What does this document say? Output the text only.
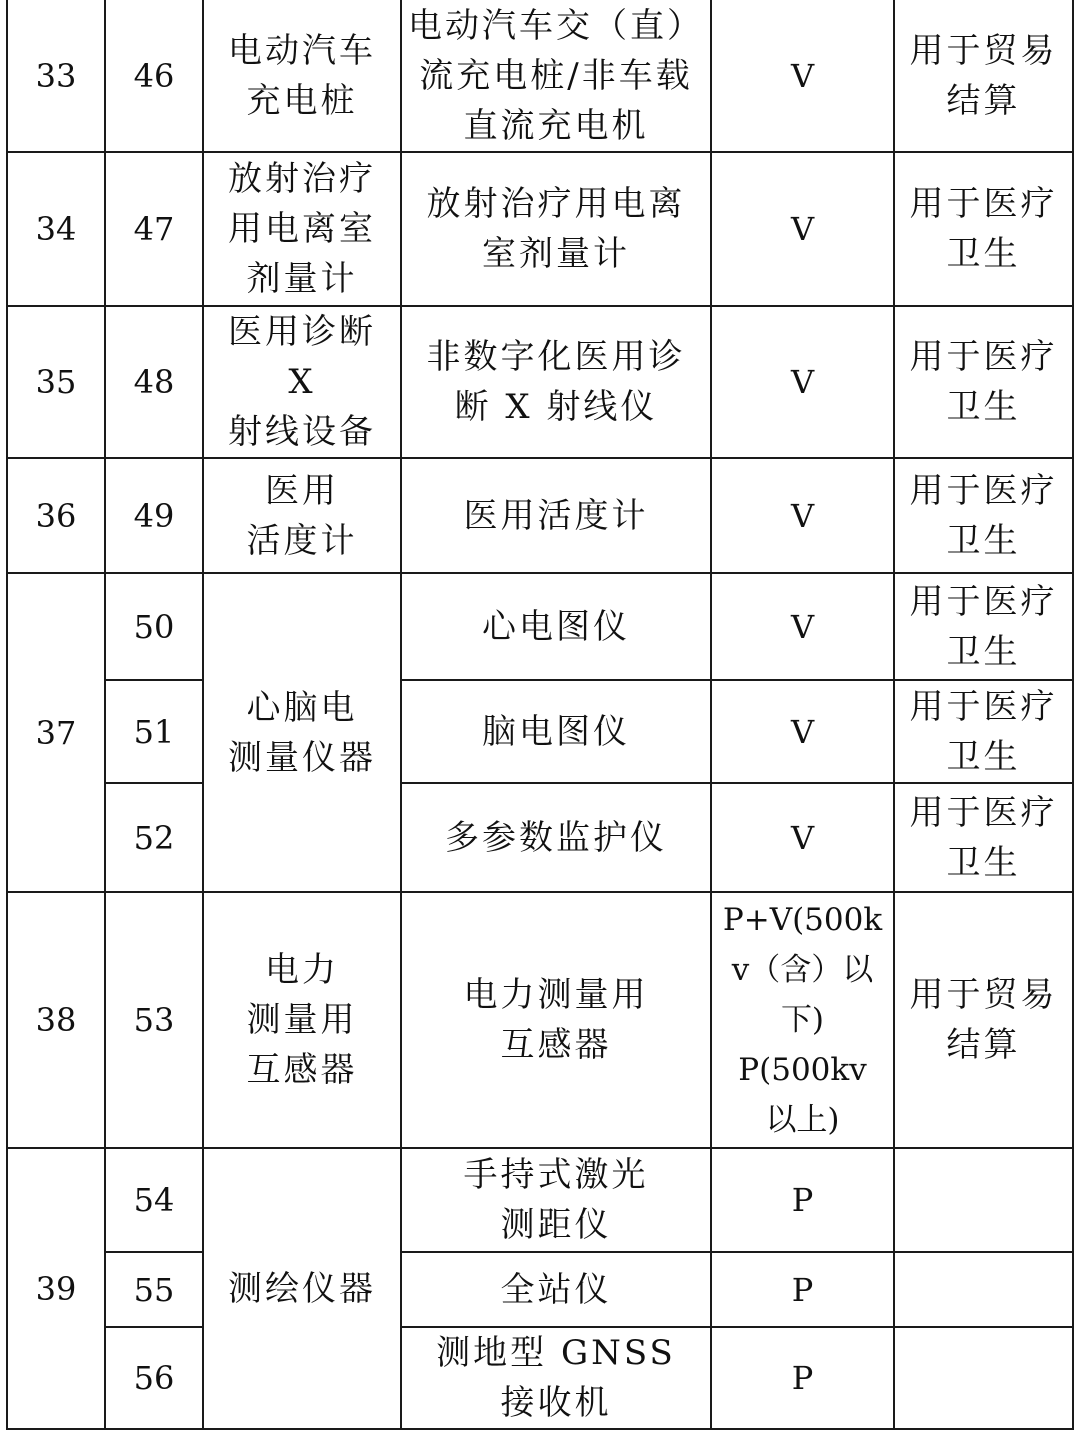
33	46	电动汽车
充电桩	电动汽车交（直）
流充电桩/非车载
直流充电机	V	用于贸易
结算
34	47	放射治疗
用电离室
剂量计	放射治疗用电离
室剂量计	V	用于医疗
卫生
35	48	医用诊断 X
射线设备	非数字化医用诊
断 X 射线仪	V	用于医疗
卫生
36	49	医用
活度计	医用活度计	V	用于医疗
卫生
37	50	心脑电
测量仪器	心电图仪	V	用于医疗
卫生
	51		脑电图仪	V	用于医疗
卫生
	52		多参数监护仪	V	用于医疗
卫生
38	53	电力
测量用
互感器	电力测量用
互感器	P+V(500k
v（含）以
下)
P(500kv
以上)	用于贸易
结算
39	54	测绘仪器	手持式激光
测距仪	P	
	55		全站仪	P	
	56		测地型 GNSS
接收机	P	
